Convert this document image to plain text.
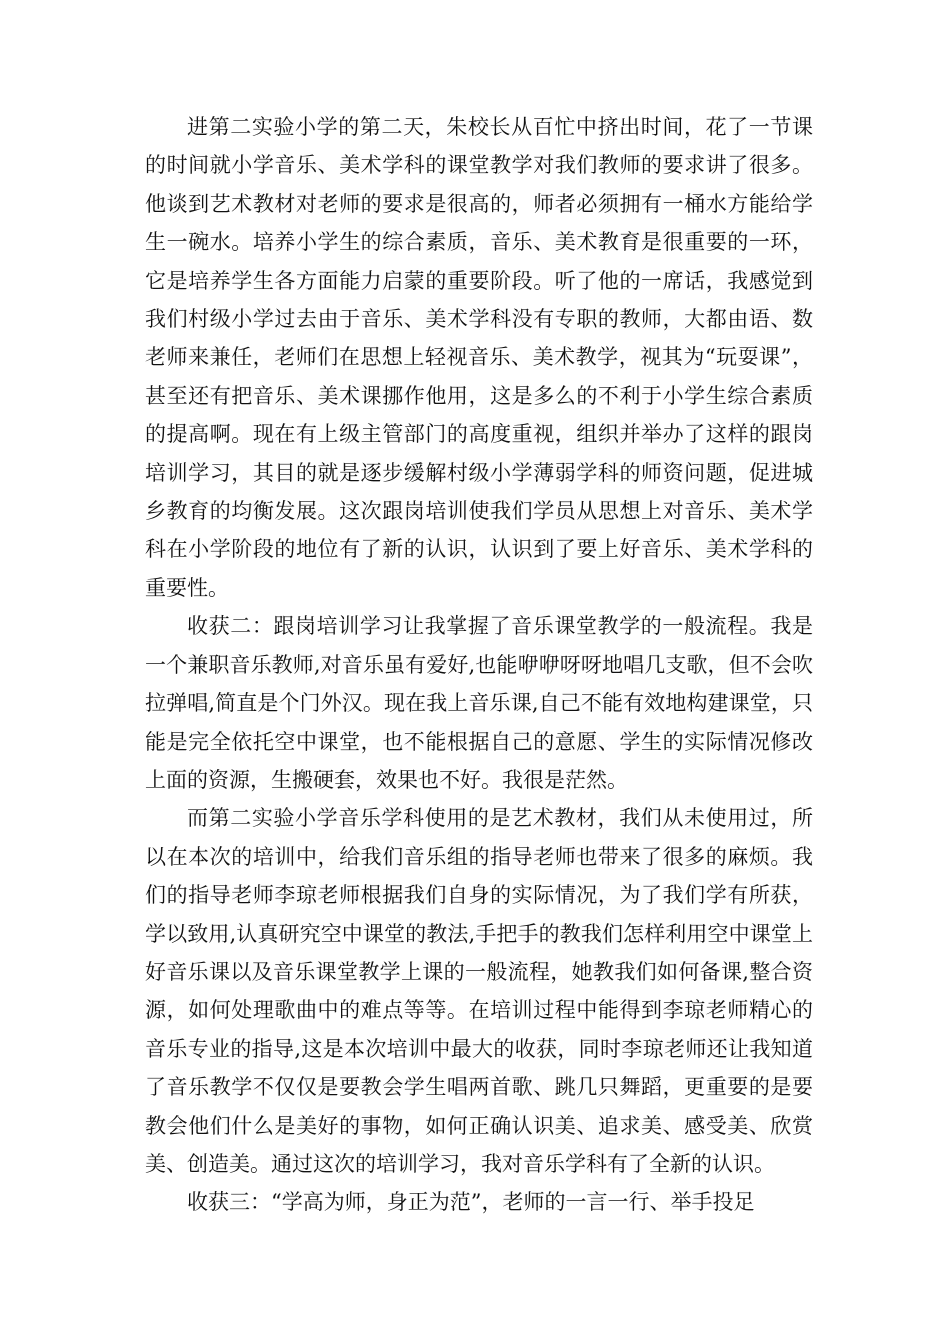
进第二实验小学的第二天，朱校长从百忙中挤出时间，花了一节课的时间就小学音乐、美术学科的课堂教学对我们教师的要求讲了很多。他谈到艺术教材对老师的要求是很高的，师者必须拥有一桶水方能给学生一碗水。培养小学生的综合素质，音乐、美术教育是很重要的一环，它是培养学生各方面能力启蒙的重要阶段。听了他的一席话，我感觉到我们村级小学过去由于音乐、美术学科没有专职的教师，大都由语、数老师来兼任，老师们在思想上轻视音乐、美术教学，视其为“玩耍课”，甚至还有把音乐、美术课挪作他用，这是多么的不利于小学生综合素质的提高啊。现在有上级主管部门的高度重视，组织并举办了这样的跟岗培训学习，其目的就是逐步缓解村级小学薄弱学科的师资问题，促进城乡教育的均衡发展。这次跟岗培训使我们学员从思想上对音乐、美术学科在小学阶段的地位有了新的认识，认识到了要上好音乐、美术学科的重要性。

收获二：跟岗培训学习让我掌握了音乐课堂教学的一般流程。我是一个兼职音乐教师,对音乐虽有爱好,也能咿咿呀呀地唱几支歌，但不会吹拉弹唱,简直是个门外汉。现在我上音乐课,自己不能有效地构建课堂，只能是完全依托空中课堂，也不能根据自己的意愿、学生的实际情况修改上面的资源，生搬硬套，效果也不好。我很是茫然。

而第二实验小学音乐学科使用的是艺术教材，我们从未使用过，所以在本次的培训中，给我们音乐组的指导老师也带来了很多的麻烦。我们的指导老师李琼老师根据我们自身的实际情况，为了我们学有所获，学以致用,认真研究空中课堂的教法,手把手的教我们怎样利用空中课堂上好音乐课以及音乐课堂教学上课的一般流程，她教我们如何备课,整合资源，如何处理歌曲中的难点等等。在培训过程中能得到李琼老师精心的音乐专业的指导,这是本次培训中最大的收获，同时李琼老师还让我知道了音乐教学不仅仅是要教会学生唱两首歌、跳几只舞蹈，更重要的是要教会他们什么是美好的事物，如何正确认识美、追求美、感受美、欣赏美、创造美。通过这次的培训学习，我对音乐学科有了全新的认识。

收获三：“学高为师，身正为范”，老师的一言一行、举手投足
